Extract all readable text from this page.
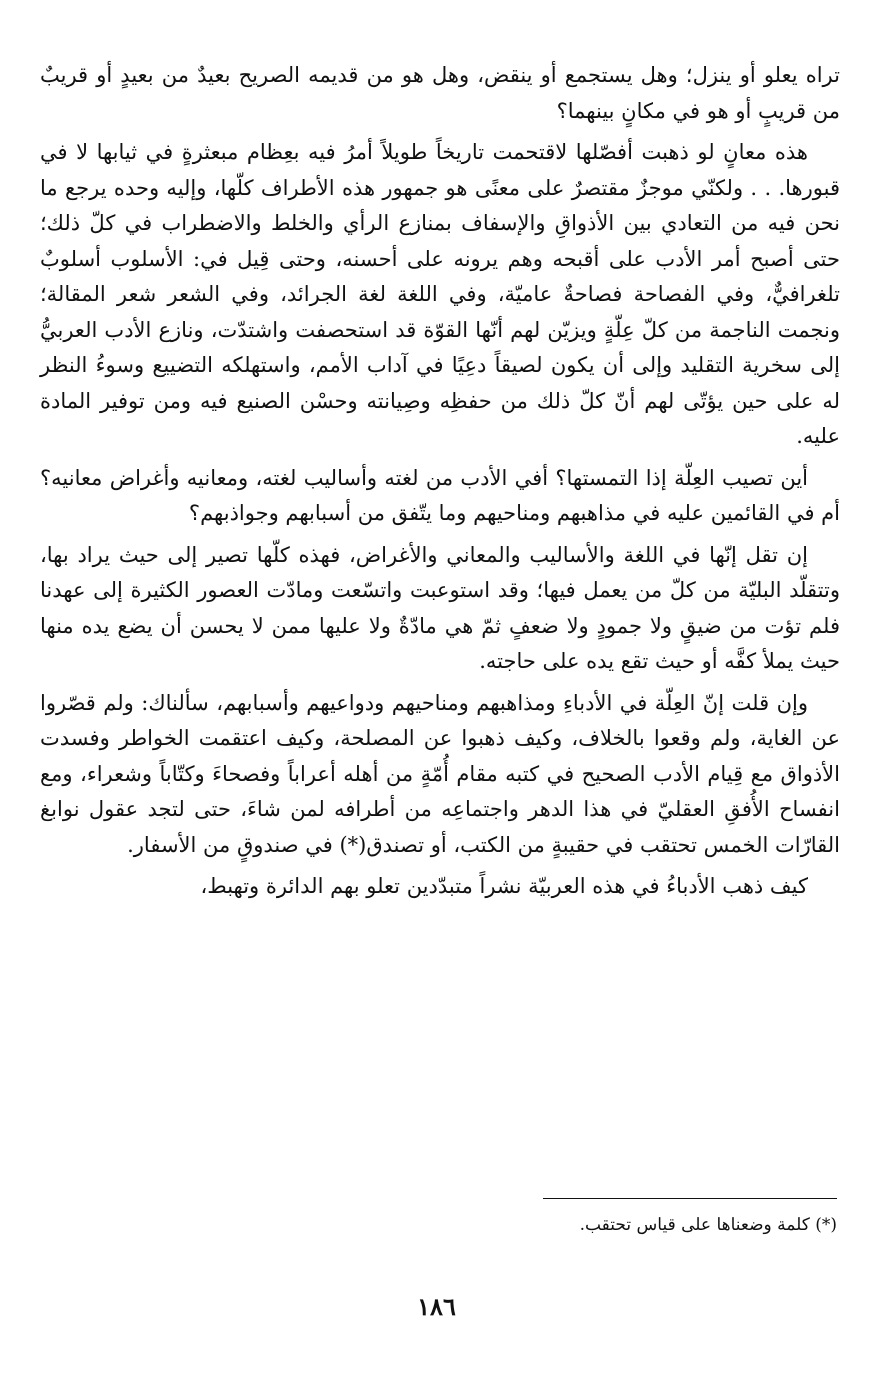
تراه يعلو أو ينزل؛ وهل يستجمع أو ينقض، وهل هو من قديمه الصريح بعيدٌ من بعيدٍ أو قريبٌ من قريبٍ أو هو في مكانٍ بينهما؟

هذه معانٍ لو ذهبت أفصّلها لاقتحمت تاريخاً طويلاً أمرُ فيه بعِظام مبعثرةٍ في ثيابها لا في قبورها. . . ولكنّي موجزٌ مقتصرٌ على معنًى هو جمهور هذه الأطراف كلّها، وإليه وحده يرجع ما نحن فيه من التعادي بين الأذواقِ والإسفاف بمنازع الرأي والخلط والاضطراب في كلّ ذلك؛ حتى أصبح أمر الأدب على أقبحه وهم يرونه على أحسنه، وحتى قِيل في: الأسلوب أسلوبٌ تلغرافيٌّ، وفي الفصاحة فصاحةٌ عاميّة، وفي اللغة لغة الجرائد، وفي الشعر شعر المقالة؛ ونجمت الناجمة من كلّ عِلّةٍ ويزيّن لهم أنّها القوّة قد استحصفت واشتدّت، ونازع الأدب العربيُّ إلى سخرية التقليد وإلى أن يكون لصيقاً دعِيًا في آداب الأمم، واستهلكه التضييع وسوءُ النظر له على حين يؤتّى لهم أنّ كلّ ذلك من حفظِه وصِيانته وحسْن الصنيع فيه ومن توفير المادة عليه.

أين تصيب العِلّة إذا التمستها؟ أفي الأدب من لغته وأساليب لغته، ومعانيه وأغراض معانيه؟ أم في القائمين عليه في مذاهبهم ومناحيهم وما يتّفق من أسبابهم وجواذبهم؟

إن تقل إنّها في اللغة والأساليب والمعاني والأغراض، فهذه كلّها تصير إلى حيث يراد بها، وتتقلّد البليّة من كلّ من يعمل فيها؛ وقد استوعبت واتسّعت ومادّت العصور الكثيرة إلى عهدنا فلم تؤت من ضيقٍ ولا جمودٍ ولا ضعفٍ ثمّ هي مادّةٌ ولا عليها ممن لا يحسن أن يضع يده منها حيث يملأ كفَّه أو حيث تقع يده على حاجته.

وإن قلت إنّ العِلّة في الأدباءِ ومذاهبهم ومناحيهم ودواعيهم وأسبابهم، سألناك: ولم قصّروا عن الغاية، ولم وقعوا بالخلاف، وكيف ذهبوا عن المصلحة، وكيف اعتقمت الخواطر وفسدت الأذواق مع قِيام الأدب الصحيح في كتبه مقام أُمّةٍ من أهله أعراباً وفصحاءَ وكتّاباً وشعراء، ومع انفساح الأُفقِ العقليّ في هذا الدهر واجتماعِه من أطرافه لمن شاءَ، حتى لتجد عقول نوابغ القارّات الخمس تحتقب في حقيبةٍ من الكتب، أو تصندق(*) في صندوقٍ من الأسفار.

كيف ذهب الأدباءُ في هذه العربيّة نشراً متبدّدين تعلو بهم الدائرة وتهبط،

(*) كلمة وضعناها على قياس تحتقب.
١٨٦
